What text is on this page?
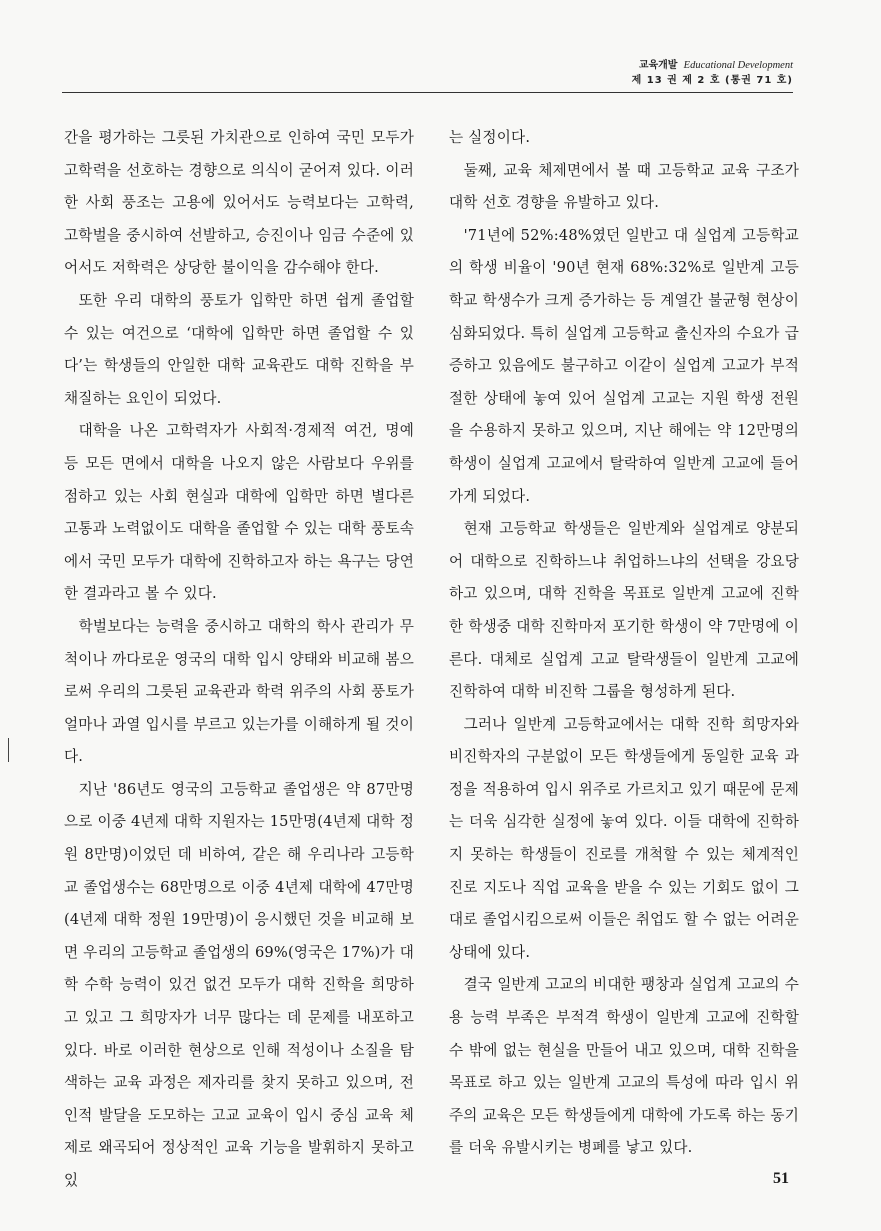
교육개발 Educational Development
제 13 권 제 2 호 (통권 71 호)

간을 평가하는 그릇된 가치관으로 인하여 국민 모두가 고학력을 선호하는 경향으로 의식이 굳어져 있다. 이러한 사회 풍조는 고용에 있어서도 능력보다는 고학력, 고학벌을 중시하여 선발하고, 승진이나 임금 수준에 있어서도 저학력은 상당한 불이익을 감수해야 한다.

또한 우리 대학의 풍토가 입학만 하면 쉽게 졸업할 수 있는 여건으로 ‘대학에 입학만 하면 졸업할 수 있다’는 학생들의 안일한 대학 교육관도 대학 진학을 부채질하는 요인이 되었다.

대학을 나온 고학력자가 사회적·경제적 여건, 명예 등 모든 면에서 대학을 나오지 않은 사람보다 우위를 점하고 있는 사회 현실과 대학에 입학만 하면 별다른 고통과 노력없이도 대학을 졸업할 수 있는 대학 풍토속에서 국민 모두가 대학에 진학하고자 하는 욕구는 당연한 결과라고 볼 수 있다.

학벌보다는 능력을 중시하고 대학의 학사 관리가 무척이나 까다로운 영국의 대학 입시 양태와 비교해 봄으로써 우리의 그릇된 교육관과 학력 위주의 사회 풍토가 얼마나 과열 입시를 부르고 있는가를 이해하게 될 것이다.

지난 '86년도 영국의 고등학교 졸업생은 약 87만명으로 이중 4년제 대학 지원자는 15만명(4년제 대학 정원 8만명)이었던 데 비하여, 같은 해 우리나라 고등학교 졸업생수는 68만명으로 이중 4년제 대학에 47만명(4년제 대학 정원 19만명)이 응시했던 것을 비교해 보면 우리의 고등학교 졸업생의 69%(영국은 17%)가 대학 수학 능력이 있건 없건 모두가 대학 진학을 희망하고 있고 그 희망자가 너무 많다는 데 문제를 내포하고 있다. 바로 이러한 현상으로 인해 적성이나 소질을 탐색하는 교육 과정은 제자리를 찾지 못하고 있으며, 전인적 발달을 도모하는 고교 교육이 입시 중심 교육 체제로 왜곡되어 정상적인 교육 기능을 발휘하지 못하고 있

는 실정이다.

둘째, 교육 체제면에서 볼 때 고등학교 교육 구조가 대학 선호 경향을 유발하고 있다.

'71년에 52%:48%였던 일반고 대 실업계 고등학교의 학생 비율이 '90년 현재 68%:32%로 일반계 고등학교 학생수가 크게 증가하는 등 계열간 불균형 현상이 심화되었다. 특히 실업계 고등학교 출신자의 수요가 급증하고 있음에도 불구하고 이같이 실업계 고교가 부적절한 상태에 놓여 있어 실업계 고교는 지원 학생 전원을 수용하지 못하고 있으며, 지난 해에는 약 12만명의 학생이 실업계 고교에서 탈락하여 일반계 고교에 들어가게 되었다.

현재 고등학교 학생들은 일반계와 실업계로 양분되어 대학으로 진학하느냐 취업하느냐의 선택을 강요당하고 있으며, 대학 진학을 목표로 일반계 고교에 진학한 학생중 대학 진학마저 포기한 학생이 약 7만명에 이른다. 대체로 실업계 고교 탈락생들이 일반계 고교에 진학하여 대학 비진학 그룹을 형성하게 된다.

그러나 일반계 고등학교에서는 대학 진학 희망자와 비진학자의 구분없이 모든 학생들에게 동일한 교육 과정을 적용하여 입시 위주로 가르치고 있기 때문에 문제는 더욱 심각한 실정에 놓여 있다. 이들 대학에 진학하지 못하는 학생들이 진로를 개척할 수 있는 체계적인 진로 지도나 직업 교육을 받을 수 있는 기회도 없이 그대로 졸업시킴으로써 이들은 취업도 할 수 없는 어려운 상태에 있다.

결국 일반계 고교의 비대한 팽창과 실업계 고교의 수용 능력 부족은 부적격 학생이 일반계 고교에 진학할 수 밖에 없는 현실을 만들어 내고 있으며, 대학 진학을 목표로 하고 있는 일반계 고교의 특성에 따라 입시 위주의 교육은 모든 학생들에게 대학에 가도록 하는 동기를 더욱 유발시키는 병폐를 낳고 있다.

51
